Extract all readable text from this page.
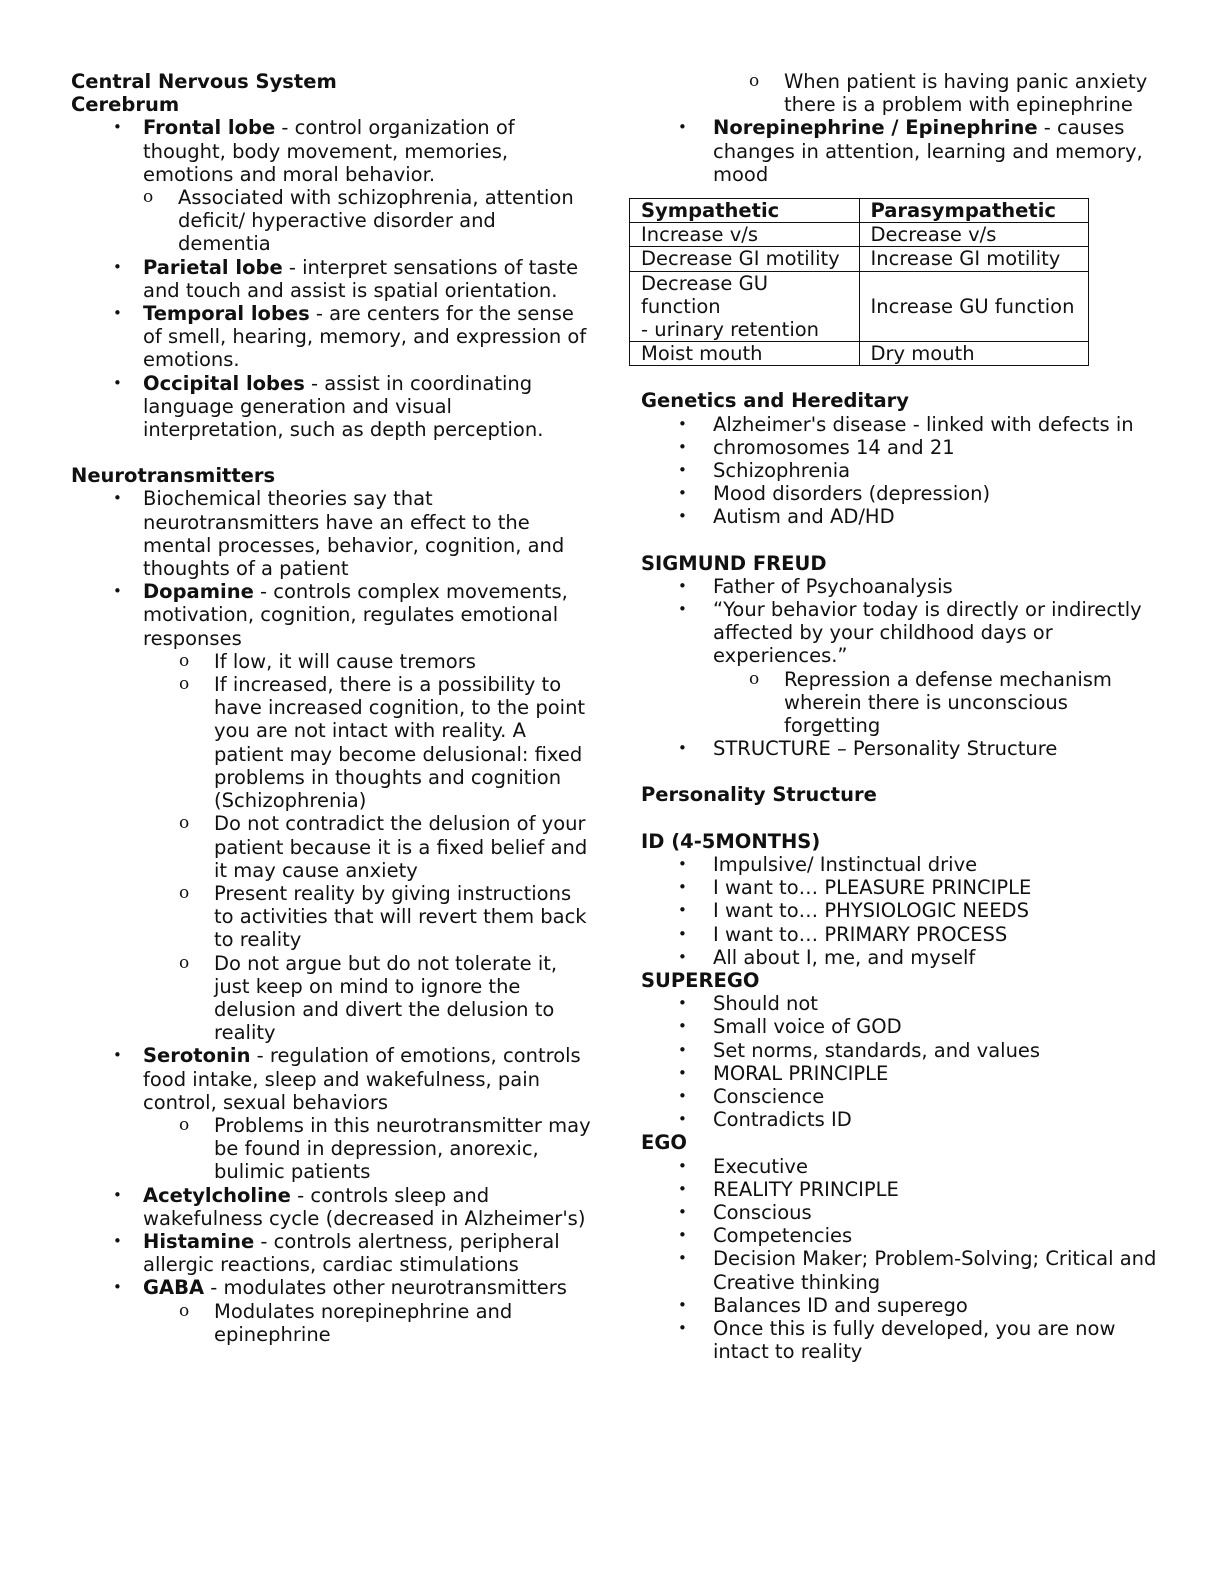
Central Nervous System
Cerebrum
• Frontal lobe - control organization of thought, body movement, memories, emotions and moral behavior.
o Associated with schizophrenia, attention deficit/ hyperactive disorder and dementia
• Parietal lobe - interpret sensations of taste and touch and assist is spatial orientation.
• Temporal lobes - are centers for the sense of smell, hearing, memory, and expression of emotions.
• Occipital lobes - assist in coordinating language generation and visual interpretation, such as depth perception.
Neurotransmitters
• Biochemical theories say that neurotransmitters have an effect to the mental processes, behavior, cognition, and thoughts of a patient
• Dopamine - controls complex movements, motivation, cognition, regulates emotional responses
o If low, it will cause tremors
o If increased, there is a possibility to have increased cognition, to the point you are not intact with reality. A patient may become delusional: fixed problems in thoughts and cognition (Schizophrenia)
o Do not contradict the delusion of your patient because it is a fixed belief and it may cause anxiety
o Present reality by giving instructions to activities that will revert them back to reality
o Do not argue but do not tolerate it, just keep on mind to ignore the delusion and divert the delusion to reality
• Serotonin - regulation of emotions, controls food intake, sleep and wakefulness, pain control, sexual behaviors
o Problems in this neurotransmitter may be found in depression, anorexic, bulimic patients
• Acetylcholine - controls sleep and wakefulness cycle (decreased in Alzheimer's)
• Histamine - controls alertness, peripheral allergic reactions, cardiac stimulations
• GABA - modulates other neurotransmitters
o Modulates norepinephrine and epinephrine
o When patient is having panic anxiety there is a problem with epinephrine
• Norepinephrine / Epinephrine - causes changes in attention, learning and memory, mood
Sympathetic	Parasympathetic
Increase v/s	Decrease v/s
Decrease GI motility	Increase GI motility

Decrease GU function
- urinary retention	Increase GU function
Moist mouth	Dry mouth
Genetics and Hereditary
• Alzheimer's disease - linked with defects in
• chromosomes 14 and 21
• Schizophrenia
• Mood disorders (depression)
• Autism and AD/HD
SIGMUND FREUD
• Father of Psychoanalysis
• “Your behavior today is directly or indirectly affected by your childhood days or experiences.”
o Repression a defense mechanism wherein there is unconscious forgetting
• STRUCTURE – Personality Structure
Personality Structure
ID (4-5MONTHS)
• Impulsive/ Instinctual drive
• I want to… PLEASURE PRINCIPLE
• I want to… PHYSIOLOGIC NEEDS
• I want to… PRIMARY PROCESS
• All about I, me, and myself
SUPEREGO
• Should not
• Small voice of GOD
• Set norms, standards, and values
• MORAL PRINCIPLE
• Conscience
• Contradicts ID
EGO
• Executive
• REALITY PRINCIPLE
• Conscious
• Competencies
• Decision Maker; Problem-Solving; Critical and Creative thinking
• Balances ID and superego
• Once this is fully developed, you are now intact to reality
